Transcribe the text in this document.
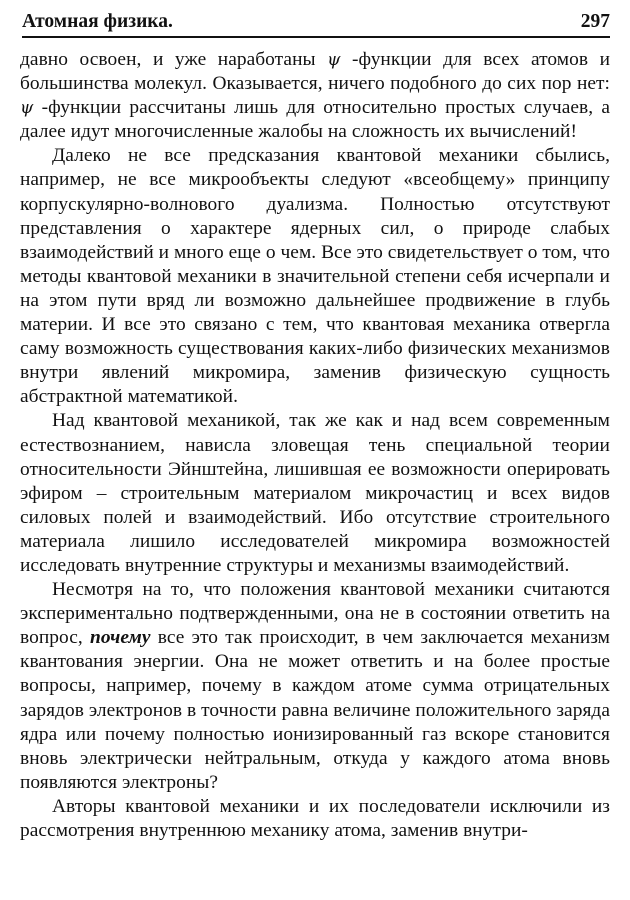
Атомная физика.	297

давно освоен, и уже наработаны ψ -функции для всех атомов и большинства молекул. Оказывается, ничего подобного до сих пор нет: ψ -функции рассчитаны лишь для относительно простых случаев, а далее идут многочисленные жалобы на сложность их вычислений!

Далеко не все предсказания квантовой механики сбылись, например, не все микрообъекты следуют «всеобщему» принципу корпускулярно-волнового дуализма. Полностью отсутствуют представления о характере ядерных сил, о природе слабых взаимодействий и много еще о чем. Все это свидетельствует о том, что методы квантовой механики в значительной степени себя исчерпали и на этом пути вряд ли возможно дальнейшее продвижение в глубь материи. И все это связано с тем, что квантовая механика отвергла саму возможность существования каких-либо физических механизмов внутри явлений микромира, заменив физическую сущность абстрактной математикой.

Над квантовой механикой, так же как и над всем современным естествознанием, нависла зловещая тень специальной теории относительности Эйнштейна, лишившая ее возможности оперировать эфиром – строительным материалом микрочастиц и всех видов силовых полей и взаимодействий. Ибо отсутствие строительного материала лишило исследователей микромира возможностей исследовать внутренние структуры и механизмы взаимодействий.

Несмотря на то, что положения квантовой механики считаются экспериментально подтвержденными, она не в состоянии ответить на вопрос, почему все это так происходит, в чем заключается механизм квантования энергии. Она не может ответить и на более простые вопросы, например, почему в каждом атоме сумма отрицательных зарядов электронов в точности равна величине положительного заряда ядра или почему полностью ионизированный газ вскоре становится вновь электрически нейтральным, откуда у каждого атома вновь появляются электроны?

Авторы квантовой механики и их последователи исключили из рассмотрения внутреннюю механику атома, заменив внутри-
